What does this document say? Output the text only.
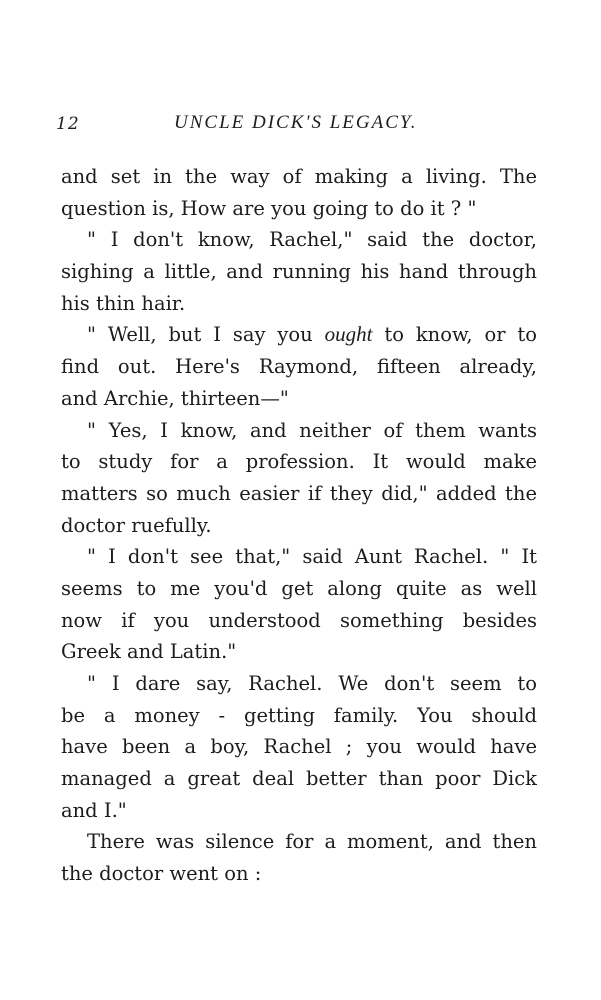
12	UNCLE DICK'S LEGACY.
and set in the way of making a living. The
question is, How are you going to do it ? "
" I don't know, Rachel," said the doctor,
sighing a little, and running his hand through
his thin hair.
" Well, but I say you ought to know, or to
find out. Here's Raymond, fifteen already,
and Archie, thirteen—"
" Yes, I know, and neither of them wants
to study for a profession. It would make
matters so much easier if they did," added the
doctor ruefully.
" I don't see that," said Aunt Rachel. " It
seems to me you'd get along quite as well
now if you understood something besides
Greek and Latin."
" I dare say, Rachel. We don't seem to
be a money - getting family. You should
have been a boy, Rachel ; you would have
managed a great deal better than poor Dick
and I."
There was silence for a moment, and then
the doctor went on :
